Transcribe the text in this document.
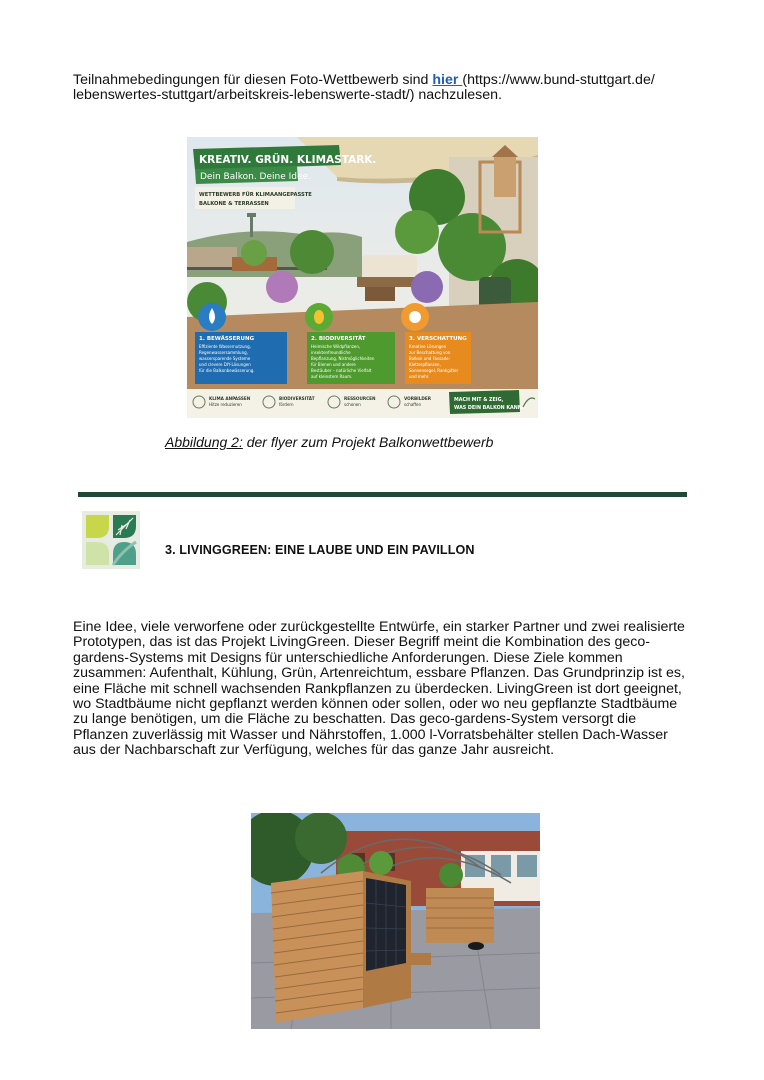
Teilnahmebedingungen für diesen Foto-Wettbewerb sind hier (https://www.bund-stuttgart.de/ lebenswertes-stuttgart/arbeitskreis-lebenswerte-stadt/) nachzulesen.

KREATIV. GRÜN. KLIMASTARK.
Dein Balkon. Deine Idee.
WETTBEWERB FÜR KLIMAANGEPASSTE
BALKONE & TERRASSEN
1. BEWÄSSERUNG
Effiziente Wassernutzung,
Regenwassersammlung,
wassersparende Systeme
und clevere DIY-Lösungen
für die Balkonbewässerung.
2. BIODIVERSITÄT
Heimische Wildpflanzen,
insektenfreundliche
Bepflanzung, Nistmöglichkeiten
für Bienen und andere
Bestäuber – natürliche Vielfalt
auf kleinstem Raum.
3. VERSCHATTUNG
Kreative Lösungen
zur Beschattung von
Balkon und Fassade:
Kletterpflanzen,
Sonnensegel, Rankgitter
und mehr.
KLIMA ANPASSEN
Hitze reduzieren
BIODIVERSITÄT
fördern
RESSOURCEN
schonen
VORBILDER
schaffen
MACH MIT & ZEIG,
WAS DEIN BALKON KANN!
Abbildung 2: der flyer zum Projekt Balkonwettbewerb
3. LIVINGGREEN: EINE LAUBE UND EIN PAVILLON

Eine Idee, viele verworfene oder zurückgestellte Entwürfe, ein starker Partner und zwei realisierte Prototypen, das ist das Projekt LivingGreen. Dieser Begriff meint die Kombination des geco-gardens-Systems mit Designs für unterschiedliche Anforderungen. Diese Ziele kommen zusammen: Aufenthalt, Kühlung, Grün, Artenreichtum, essbare Pflanzen. Das Grundprinzip ist es, eine Fläche mit schnell wachsenden Rankpflanzen zu überdecken. LivingGreen ist dort geeignet, wo Stadtbäume nicht gepflanzt werden können oder sollen, oder wo neu gepflanzte Stadtbäume zu lange benötigen, um die Fläche zu beschatten. Das geco-gardens-System versorgt die Pflanzen zuverlässig mit Wasser und Nährstoffen, 1.000 l-Vorratsbehälter stellen Dach-Wasser aus der Nachbarschaft zur Verfügung, welches für das ganze Jahr ausreicht.
